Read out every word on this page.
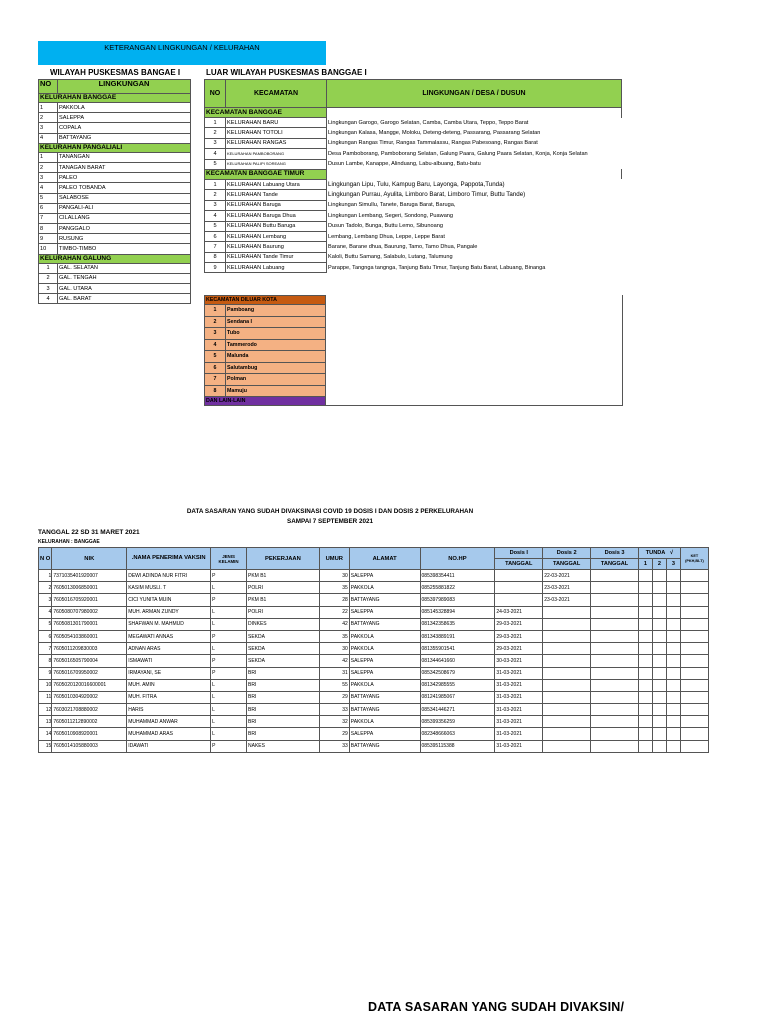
KETERANGAN LINGKUNGAN / KELURAHAN
WILAYAH PUSKESMAS BANGAE I	LUAR WILAYAH PUSKESMAS BANGGAE I
NO	LINGKUNGAN
KELURAHAN BANGGAE	
1	PAKKOLA
2	SALEPPA
3	COPALA
4	BATTAYANG
KELURAHAN PANGALIALI	
1	TANANGAN
2	TANAGAN BARAT
3	PALEO
4	PALEO TOBANDA
5	SALABOSE
6	PANGALI-ALI
7	CILALLANG
8	PANGGALO
9	RUSUNG
10	TIMBO-TIMBO
KELURAHAN GALUNG	
1	GAL. SELATAN
2	GAL. TENGAH
3	GAL. UTARA
4	GAL. BARAT
NO	KECAMATAN	LINGKUNGAN / DESA / DUSUN
KECAMATAN BANGGAE		
1	KELURAHAN BARU	Lingkungan Garogo, Garogo Selatan, Camba, Camba Utara, Teppo, Teppo Barat
2	KELURAHAN TOTOLI	Lingkungan Kalasa, Mangge, Moloku, Deteng-deteng, Passarang, Passarang Selatan
3	KELURAHAN RANGAS	Lingkungan Rangas Timur, Rangas Tammalassu, Rangas Pabesoang, Rangas Barat
4	KELURAHAN PAMBOBORANG	Desa Pamboborang, Pamboborang Selatan, Galung Paara, Galung Paara Selatan, Konja, Konja Selatan
5	KELURAHAN PALIPI SOREANG	Dusun Lambe, Kanappe, Alinduang, Labu-albuang, Batu-batu
KECAMATAN BANGGAE TIMUR		
1	KELURAHAN Labuang Utara	Lingkungan Lipu, Tulu, Kampug Baru, Layonga, Pappota,Tunda)
2	KELURAHAN Tande	Lingkungan Purrau, Ayulita, Limboro Barat, Limboro Timur, Buttu Tande)
3	KELURAHAN Baruga	Lingkungan Simullu, Tanete, Baruga Barat, Baruga,
4	KELURAHAN Baruga Dhua	Lingkungan Lembang, Segeri, Sondong, Puawang
5	KELURAHAN Buttu Baruga	Dusun Tadolo, Bunga, Buttu Lemo, Sibunoang
6	KELURAHAN Lembang	Lembang, Lembang Dhua, Leppe, Leppe Barat
7	KELURAHAN Baurung	Barane, Barane dhua, Baurung, Tamo, Tamo Dhua, Pangale
8	KELURAHAN Tande Timur	Kaloli, Buttu Samang, Salabulo, Lutang, Talumung
9	KELURAHAN Labuang	Parappe, Tangnga tangnga, Tanjung Batu Timur, Tanjung Batu Barat, Labuang, Binanga
KECAMATAN DILUAR KOTA	
1	Pamboang
2	Sendana I
3	Tubo
4	Tammerodo
5	Malunda
6	Salutambug
7	Polman
8	Mamuju
DAN LAIN-LAIN	
DATA SASARAN YANG SUDAH DIVAKSINASI COVID 19 DOSIS I DAN DOSIS 2 PERKELURAHAN
SAMPAI 7 SEPTEMBER 2021
TANGGAL 22 SD 31 MARET 2021
KELURAHAN : BANGGAE
N O	NIK	.NAMA PENERIMA VAKSIN	JENIS KELAMIN	PEKERJAAN	UMUR	ALAMAT	NO.HP	Dosis I	Dosis 2	Dosis 3	TUNDA √			KET (PKH,BLT)
								TANGGAL	TANGGAL	TANGGAL	1	2	3	
1	7371035401920007	DEWI ADINDA NUR FITRI	P	PKM B1	30	SALEPPA	085398354411		22-03-2021					
2	7605013006850001	KASIM MUSLI. T	L	POLRI	35	PAKKOLA	085255881822		23-03-2021					
3	7605016705920001	CICI YUNITA MUIN	P	PKM B1	28	BATTAYANG	085397989083		23-03-2021					
4	7605080707980002	MUH. ARMAN ZUNDY	L	POLRI	22	SALEPPA	085145328894	24-03-2021						
5	7605081301790001	SHAFWAN M. MAHMUD	L	DINKES	42	BATTAYANG	081342358635	29-03-2021						
6	7605054103860001	MEGAWATI ANNAS	P	SEKDA	35	PAKKOLA	081343889191	29-03-2021						
7	7605011209830003	ADNAN ARAS	L	SEKDA	30	PAKKOLA	081355901541	29-03-2021						
8	7605016505790004	ISMAWATI	P	SEKDA	42	SALEPPA	081344641660	30-03-2021						
9	7605016709950002	IRMAYANI, SE	P	BRI	31	SALEPPA	085342508679	31-03-2021						
10	7605020120016600001	MUH. AMIN	L	BRI	55	PAKKOLA	081342985555	31-03-2021						
11	7605010304920002	MUH. FITRA	L	BRI	29	BATTAYANG	081241985067	31-03-2021						
12	7603021708880002	HARIS	L	BRI	33	BATTAYANG	085341446271	31-03-2021						
13	7605011212890002	MUHAMMAD ANWAR	L	BRI	32	PAKKOLA	085399356259	31-03-2021						
14	7605010908920001	MUHAMMAD ARAS	L	BRI	29	SALEPPA	082348666063	31-03-2021						
15	7605014105880003	IDAWATI	P	NAKES	33	BATTAYANG	085395115388	31-03-2021						
DATA SASARAN YANG SUDAH DIVAKSIN/
